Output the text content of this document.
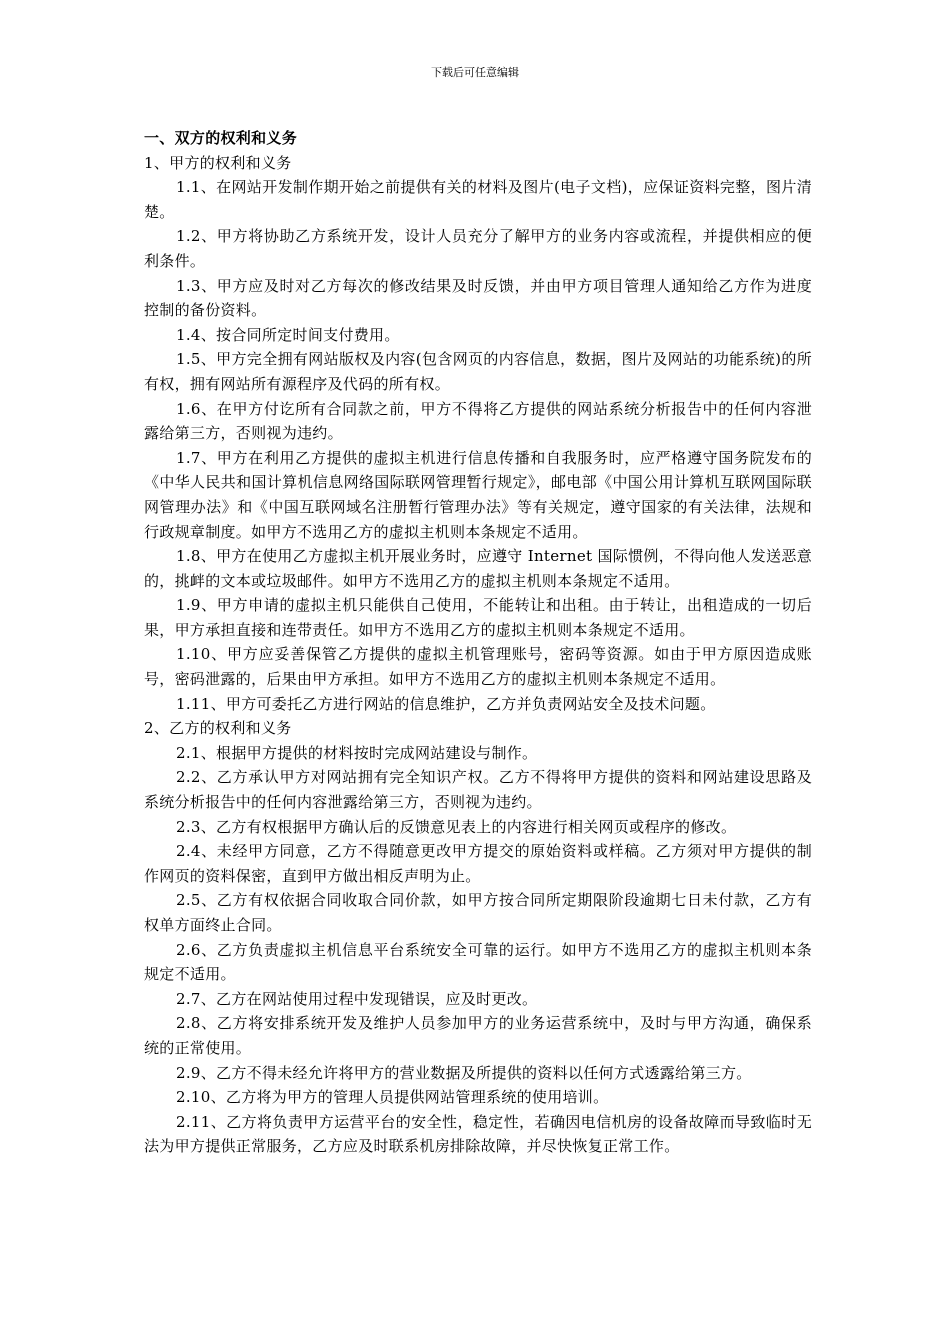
下载后可任意编辑

一、双方的权利和义务

1、甲方的权利和义务

1.1、在网站开发制作期开始之前提供有关的材料及图片(电子文档)，应保证资料完整，图片清楚。

1.2、甲方将协助乙方系统开发，设计人员充分了解甲方的业务内容或流程，并提供相应的便利条件。

1.3、甲方应及时对乙方每次的修改结果及时反馈，并由甲方项目管理人通知给乙方作为进度控制的备份资料。

1.4、按合同所定时间支付费用。

1.5、甲方完全拥有网站版权及内容(包含网页的内容信息，数据，图片及网站的功能系统)的所有权，拥有网站所有源程序及代码的所有权。

1.6、在甲方付讫所有合同款之前，甲方不得将乙方提供的网站系统分析报告中的任何内容泄露给第三方，否则视为违约。

1.7、甲方在利用乙方提供的虚拟主机进行信息传播和自我服务时，应严格遵守国务院发布的《中华人民共和国计算机信息网络国际联网管理暂行规定》，邮电部《中国公用计算机互联网国际联网管理办法》和《中国互联网域名注册暂行管理办法》等有关规定，遵守国家的有关法律，法规和行政规章制度。如甲方不选用乙方的虚拟主机则本条规定不适用。

1.8、甲方在使用乙方虚拟主机开展业务时，应遵守 Internet 国际惯例，不得向他人发送恶意的，挑衅的文本或垃圾邮件。如甲方不选用乙方的虚拟主机则本条规定不适用。

1.9、甲方申请的虚拟主机只能供自己使用，不能转让和出租。由于转让，出租造成的一切后果，甲方承担直接和连带责任。如甲方不选用乙方的虚拟主机则本条规定不适用。

1.10、甲方应妥善保管乙方提供的虚拟主机管理账号，密码等资源。如由于甲方原因造成账号，密码泄露的，后果由甲方承担。如甲方不选用乙方的虚拟主机则本条规定不适用。

1.11、甲方可委托乙方进行网站的信息维护，乙方并负责网站安全及技术问题。

2、乙方的权利和义务

2.1、根据甲方提供的材料按时完成网站建设与制作。

2.2、乙方承认甲方对网站拥有完全知识产权。乙方不得将甲方提供的资料和网站建设思路及系统分析报告中的任何内容泄露给第三方，否则视为违约。

2.3、乙方有权根据甲方确认后的反馈意见表上的内容进行相关网页或程序的修改。

2.4、未经甲方同意，乙方不得随意更改甲方提交的原始资料或样稿。乙方须对甲方提供的制作网页的资料保密，直到甲方做出相反声明为止。

2.5、乙方有权依据合同收取合同价款，如甲方按合同所定期限阶段逾期七日未付款，乙方有权单方面终止合同。

2.6、乙方负责虚拟主机信息平台系统安全可靠的运行。如甲方不选用乙方的虚拟主机则本条规定不适用。

2.7、乙方在网站使用过程中发现错误，应及时更改。

2.8、乙方将安排系统开发及维护人员参加甲方的业务运营系统中，及时与甲方沟通，确保系统的正常使用。

2.9、乙方不得未经允许将甲方的营业数据及所提供的资料以任何方式透露给第三方。

2.10、乙方将为甲方的管理人员提供网站管理系统的使用培训。

2.11、乙方将负责甲方运营平台的安全性，稳定性，若确因电信机房的设备故障而导致临时无法为甲方提供正常服务，乙方应及时联系机房排除故障，并尽快恢复正常工作。
